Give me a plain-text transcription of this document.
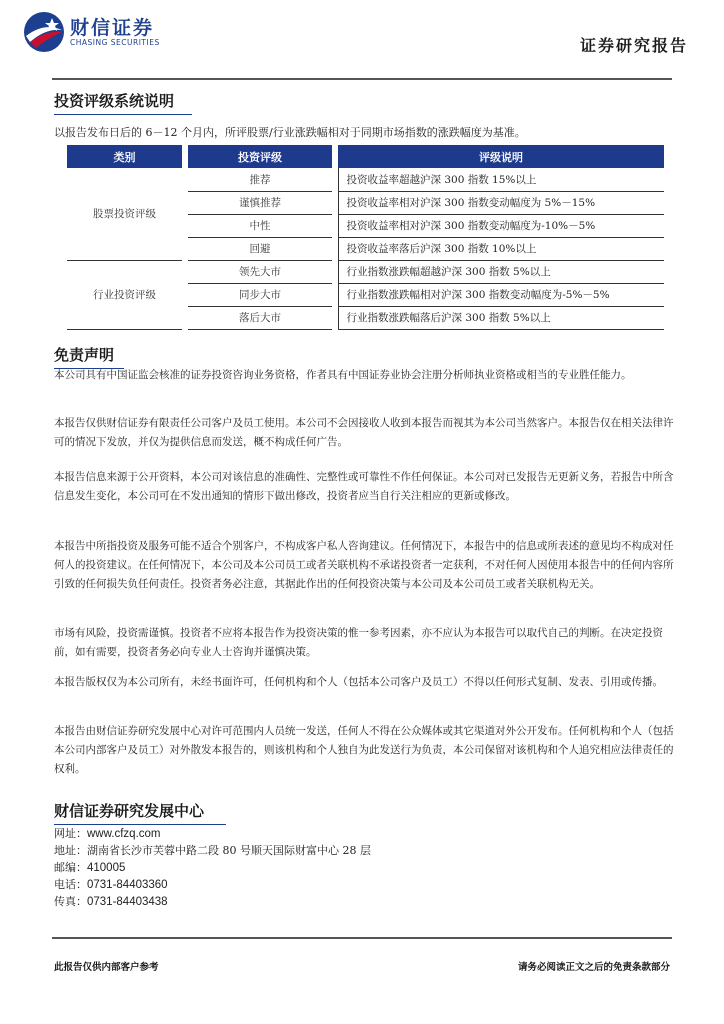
财信证券
CHASING SECURITIES	证券研究报告
投资评级系统说明
以报告发布日后的 6－12 个月内，所评股票/行业涨跌幅相对于同期市场指数的涨跌幅度为基准。
类别		投资评级		评级说明
股票投资评级		推荐		投资收益率超越沪深 300 指数 15%以上
		谨慎推荐		投资收益率相对沪深 300 指数变动幅度为 5%－15%
		中性		投资收益率相对沪深 300 指数变动幅度为-10%－5%
		回避		投资收益率落后沪深 300 指数 10%以上
行业投资评级		领先大市		行业指数涨跌幅超越沪深 300 指数 5%以上
		同步大市		行业指数涨跌幅相对沪深 300 指数变动幅度为-5%－5%
		落后大市		行业指数涨跌幅落后沪深 300 指数 5%以上
免责声明
本公司具有中国证监会核准的证券投资咨询业务资格，作者具有中国证券业协会注册分析师执业资格或相当的专业胜任能力。
本报告仅供财信证券有限责任公司客户及员工使用。本公司不会因接收人收到本报告而视其为本公司当然客户。本报告仅在相关法律许可的情况下发放，并仅为提供信息而发送，概不构成任何广告。
本报告信息来源于公开资料，本公司对该信息的准确性、完整性或可靠性不作任何保证。本公司对已发报告无更新义务，若报告中所含信息发生变化，本公司可在不发出通知的情形下做出修改，投资者应当自行关注相应的更新或修改。
本报告中所指投资及服务可能不适合个别客户，不构成客户私人咨询建议。任何情况下，本报告中的信息或所表述的意见均不构成对任何人的投资建议。在任何情况下，本公司及本公司员工或者关联机构不承诺投资者一定获利，不对任何人因使用本报告中的任何内容所引致的任何损失负任何责任。投资者务必注意，其据此作出的任何投资决策与本公司及本公司员工或者关联机构无关。
市场有风险，投资需谨慎。投资者不应将本报告作为投资决策的惟一参考因素，亦不应认为本报告可以取代自己的判断。在决定投资前，如有需要，投资者务必向专业人士咨询并谨慎决策。
本报告版权仅为本公司所有，未经书面许可，任何机构和个人（包括本公司客户及员工）不得以任何形式复制、发表、引用或传播。
本报告由财信证券研究发展中心对许可范围内人员统一发送，任何人不得在公众媒体或其它渠道对外公开发布。任何机构和个人（包括本公司内部客户及员工）对外散发本报告的，则该机构和个人独自为此发送行为负责，本公司保留对该机构和个人追究相应法律责任的权利。
财信证券研究发展中心
网址：www.cfzq.com
地址：湖南省长沙市芙蓉中路二段 80 号顺天国际财富中心 28 层
邮编：410005
电话：0731-84403360
传真：0731-84403438
此报告仅供内部客户参考	请务必阅读正文之后的免责条款部分
